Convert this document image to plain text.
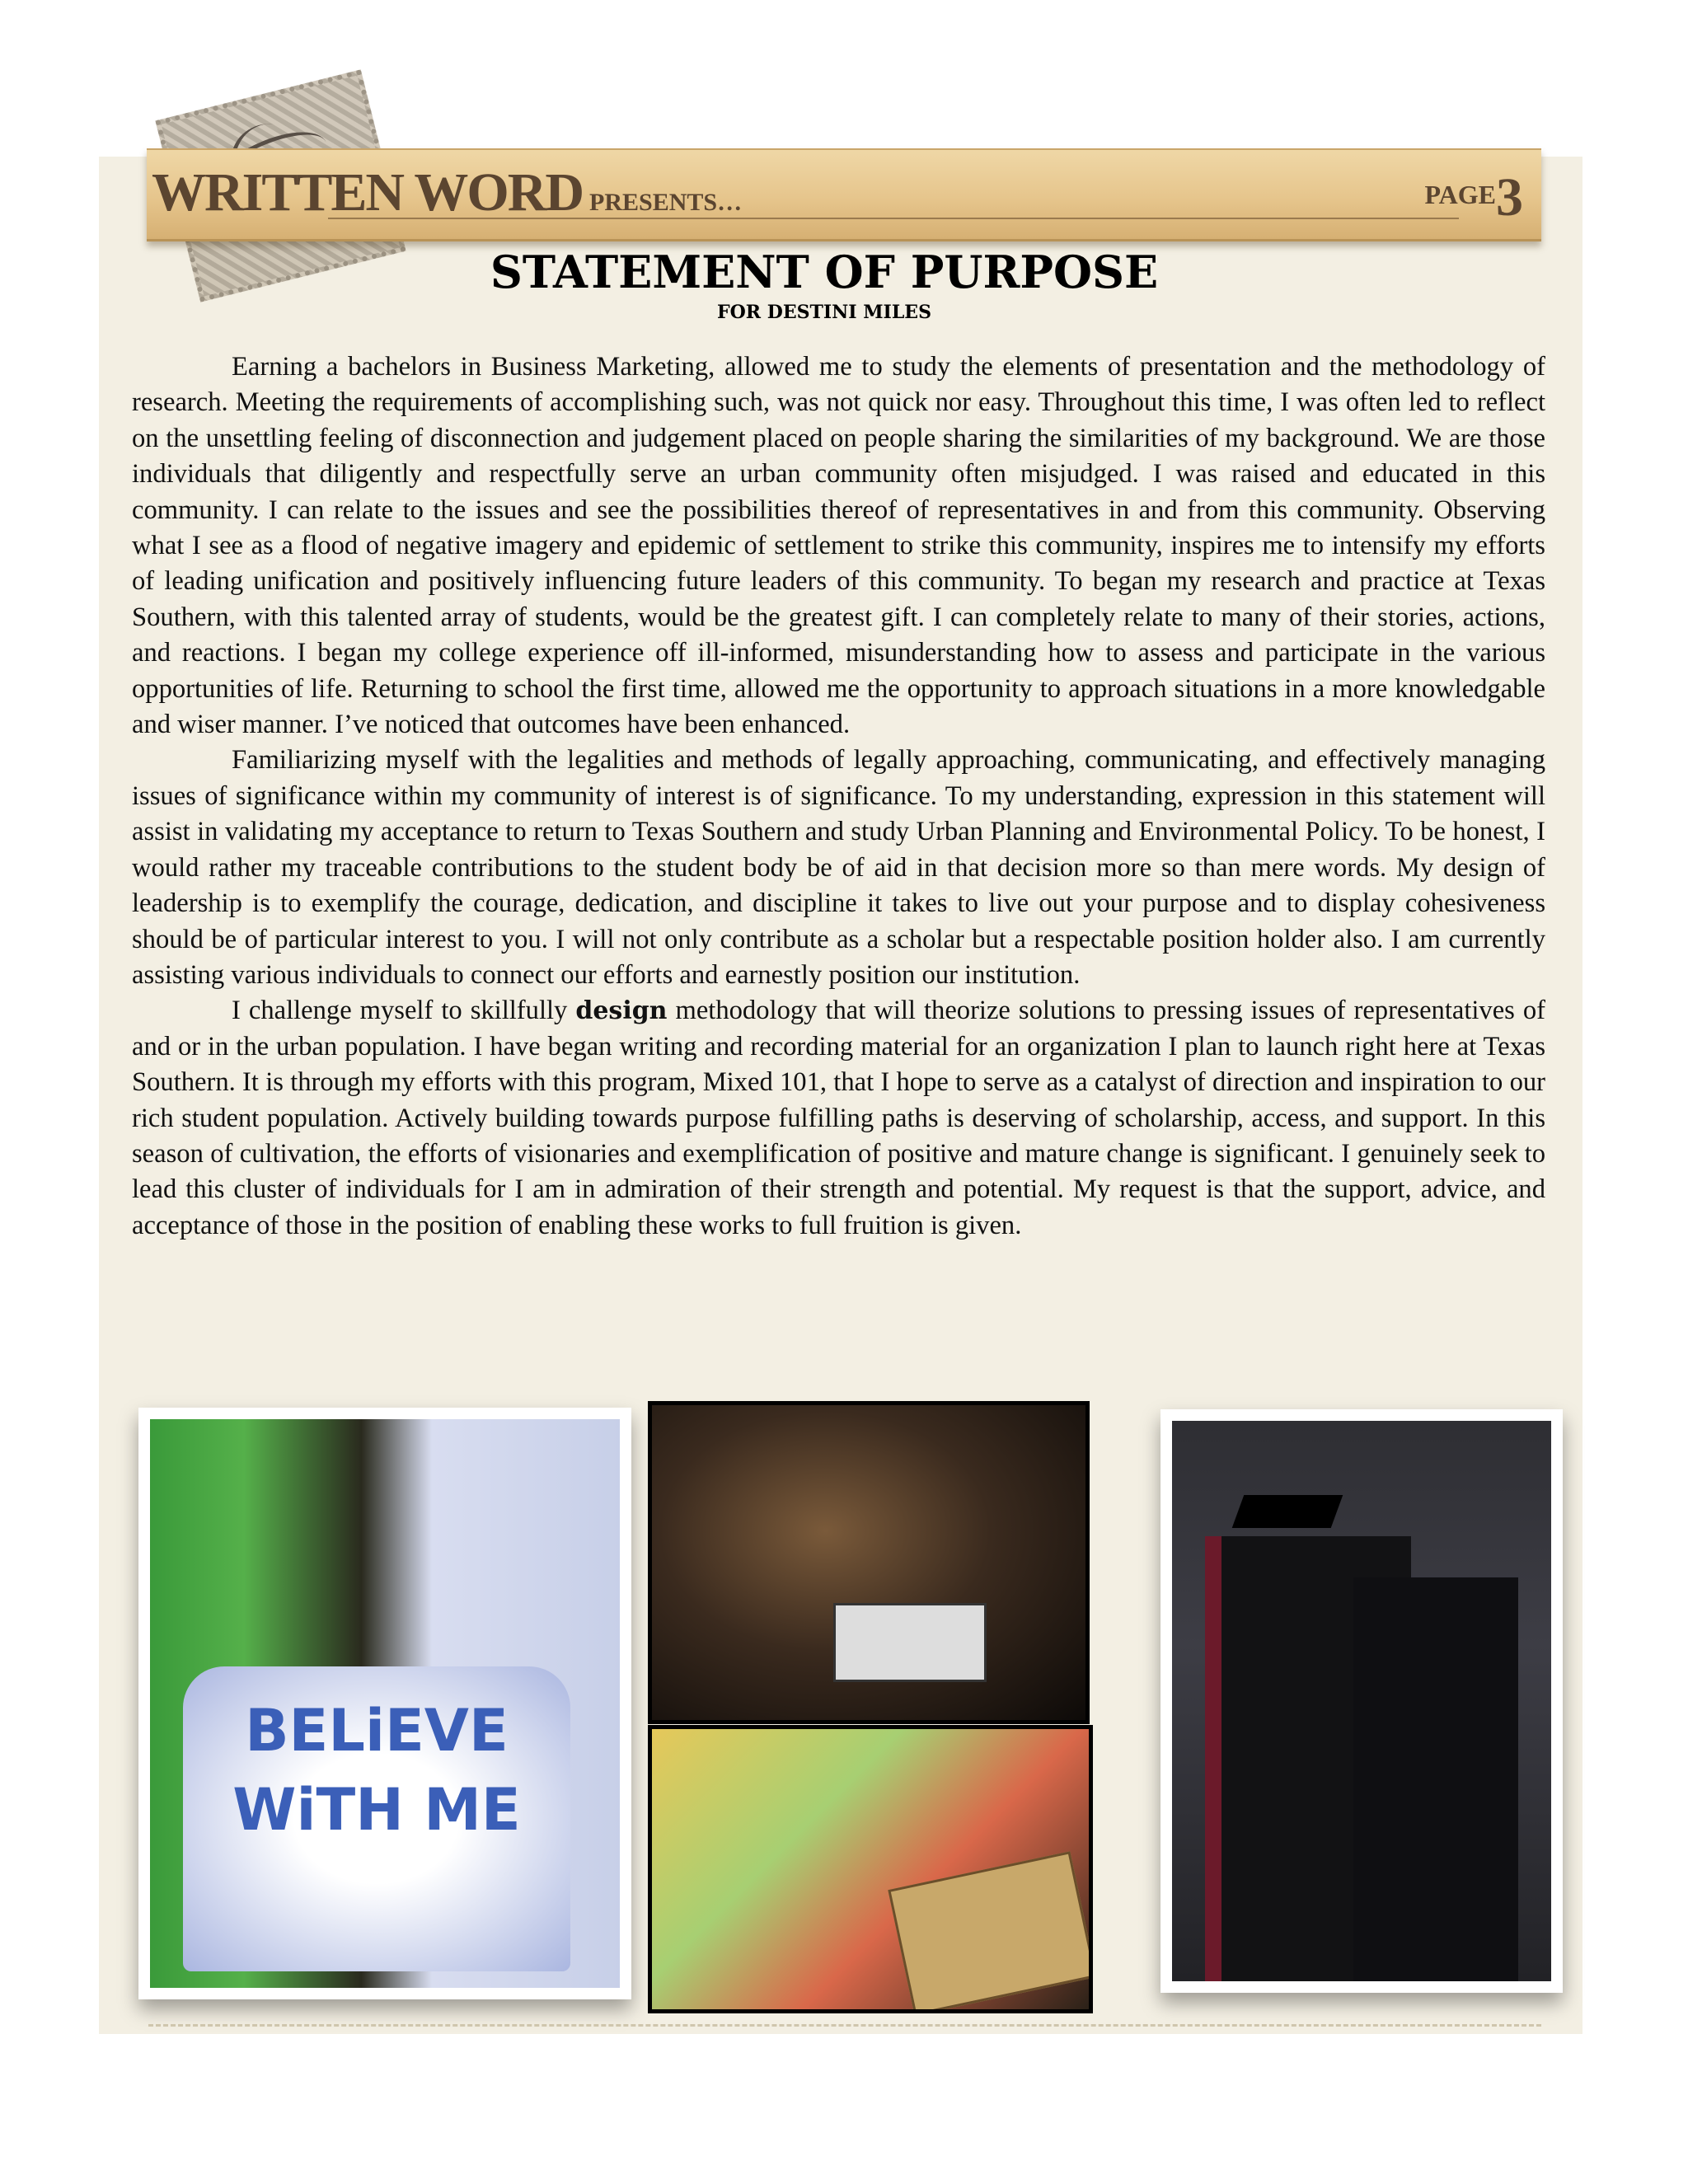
WRITTEN WORD PRESENTS…	PAGE3
STATEMENT OF PURPOSE
FOR DESTINI MILES

Earning a bachelors in Business Marketing, allowed me to study the elements of presentation and the methodology of research. Meeting the requirements of accomplishing such, was not quick nor easy. Throughout this time, I was often led to reflect on the unsettling feeling of disconnection and judgement placed on people sharing the similarities of my background. We are those individuals that diligently and respectfully serve an urban community often misjudged. I was raised and educated in this community. I can relate to the issues and see the possibilities thereof of representatives in and from this community. Observing what I see as a flood of negative imagery and epidemic of settlement to strike this community, inspires me to intensify my efforts of leading unification and positively influencing future leaders of this community. To began my research and practice at Texas Southern, with this talented array of students, would be the greatest gift. I can completely relate to many of their stories, actions, and reactions. I began my college experience off ill-informed, misunderstanding how to assess and participate in the various opportunities of life. Returning to school the first time, allowed me the opportunity to approach situations in a more knowledgable and wiser manner. I’ve noticed that outcomes have been enhanced.

Familiarizing myself with the legalities and methods of legally approaching, communicating, and effectively managing issues of significance within my community of interest is of significance. To my understanding, expression in this statement will assist in validating my acceptance to return to Texas Southern and study Urban Planning and Environmental Policy. To be honest, I would rather my traceable contributions to the student body be of aid in that decision more so than mere words. My design of leadership is to exemplify the courage, dedication, and discipline it takes to live out your purpose and to display cohesiveness should be of particular interest to you. I will not only contribute as a scholar but a respectable position holder also. I am currently assisting various individuals to connect our efforts and earnestly position our institution.

I challenge myself to skillfully design methodology that will theorize solutions to pressing issues of representatives of and or in the urban population. I have began writing and recording material for an organization I plan to launch right here at Texas Southern. It is through my efforts with this program, Mixed 101, that I hope to serve as a catalyst of direction and inspiration to our rich student population. Actively building towards purpose fulfilling paths is deserving of scholarship, access, and support. In this season of cultivation, the efforts of visionaries and exemplification of positive and mature change is significant. I genuinely seek to lead this cluster of individuals for I am in admiration of their strength and potential. My request is that the support, advice, and acceptance of those in the position of enabling these works to full fruition is given.

BELiEVE WiTH ME
